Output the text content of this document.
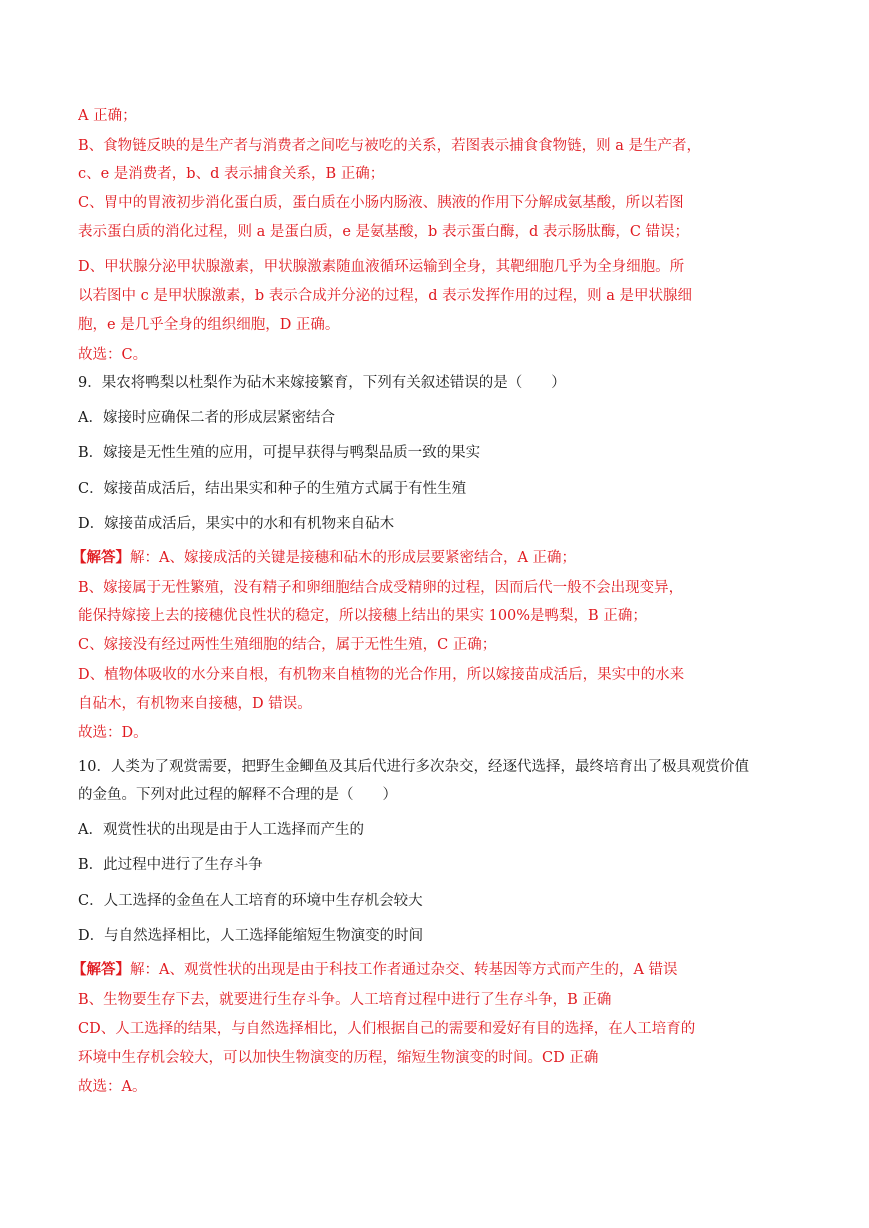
A 正确；
B、食物链反映的是生产者与消费者之间吃与被吃的关系，若图表示捕食食物链，则 a 是生产者，
c、e 是消费者，b、d 表示捕食关系，B 正确；
C、胃中的胃液初步消化蛋白质，蛋白质在小肠内肠液、胰液的作用下分解成氨基酸，所以若图
表示蛋白质的消化过程，则 a 是蛋白质，e 是氨基酸，b 表示蛋白酶，d 表示肠肽酶，C 错误；
D、甲状腺分泌甲状腺激素，甲状腺激素随血液循环运输到全身，其靶细胞几乎为全身细胞。所
以若图中 c 是甲状腺激素，b 表示合成并分泌的过程，d 表示发挥作用的过程，则 a 是甲状腺细
胞，e 是几乎全身的组织细胞，D 正确。
故选：C。
9．果农将鸭梨以杜梨作为砧木来嫁接繁育，下列有关叙述错误的是（　　）
A．嫁接时应确保二者的形成层紧密结合
B．嫁接是无性生殖的应用，可提早获得与鸭梨品质一致的果实
C．嫁接苗成活后，结出果实和种子的生殖方式属于有性生殖
D．嫁接苗成活后，果实中的水和有机物来自砧木
【解答】解：A、嫁接成活的关键是接穗和砧木的形成层要紧密结合，A 正确；
B、嫁接属于无性繁殖，没有精子和卵细胞结合成受精卵的过程，因而后代一般不会出现变异，
能保持嫁接上去的接穗优良性状的稳定，所以接穗上结出的果实 100%是鸭梨，B 正确；
C、嫁接没有经过两性生殖细胞的结合，属于无性生殖，C 正确；
D、植物体吸收的水分来自根，有机物来自植物的光合作用，所以嫁接苗成活后，果实中的水来
自砧木，有机物来自接穗，D 错误。
故选：D。
10．人类为了观赏需要，把野生金鲫鱼及其后代进行多次杂交，经逐代选择，最终培育出了极具观赏价值
的金鱼。下列对此过程的解释不合理的是（　　）
A．观赏性状的出现是由于人工选择而产生的
B．此过程中进行了生存斗争
C．人工选择的金鱼在人工培育的环境中生存机会较大
D．与自然选择相比，人工选择能缩短生物演变的时间
【解答】解：A、观赏性状的出现是由于科技工作者通过杂交、转基因等方式而产生的，A 错误
B、生物要生存下去，就要进行生存斗争。人工培育过程中进行了生存斗争，B 正确
CD、人工选择的结果，与自然选择相比，人们根据自己的需要和爱好有目的选择，在人工培育的
环境中生存机会较大，可以加快生物演变的历程，缩短生物演变的时间。CD 正确
故选：A。
